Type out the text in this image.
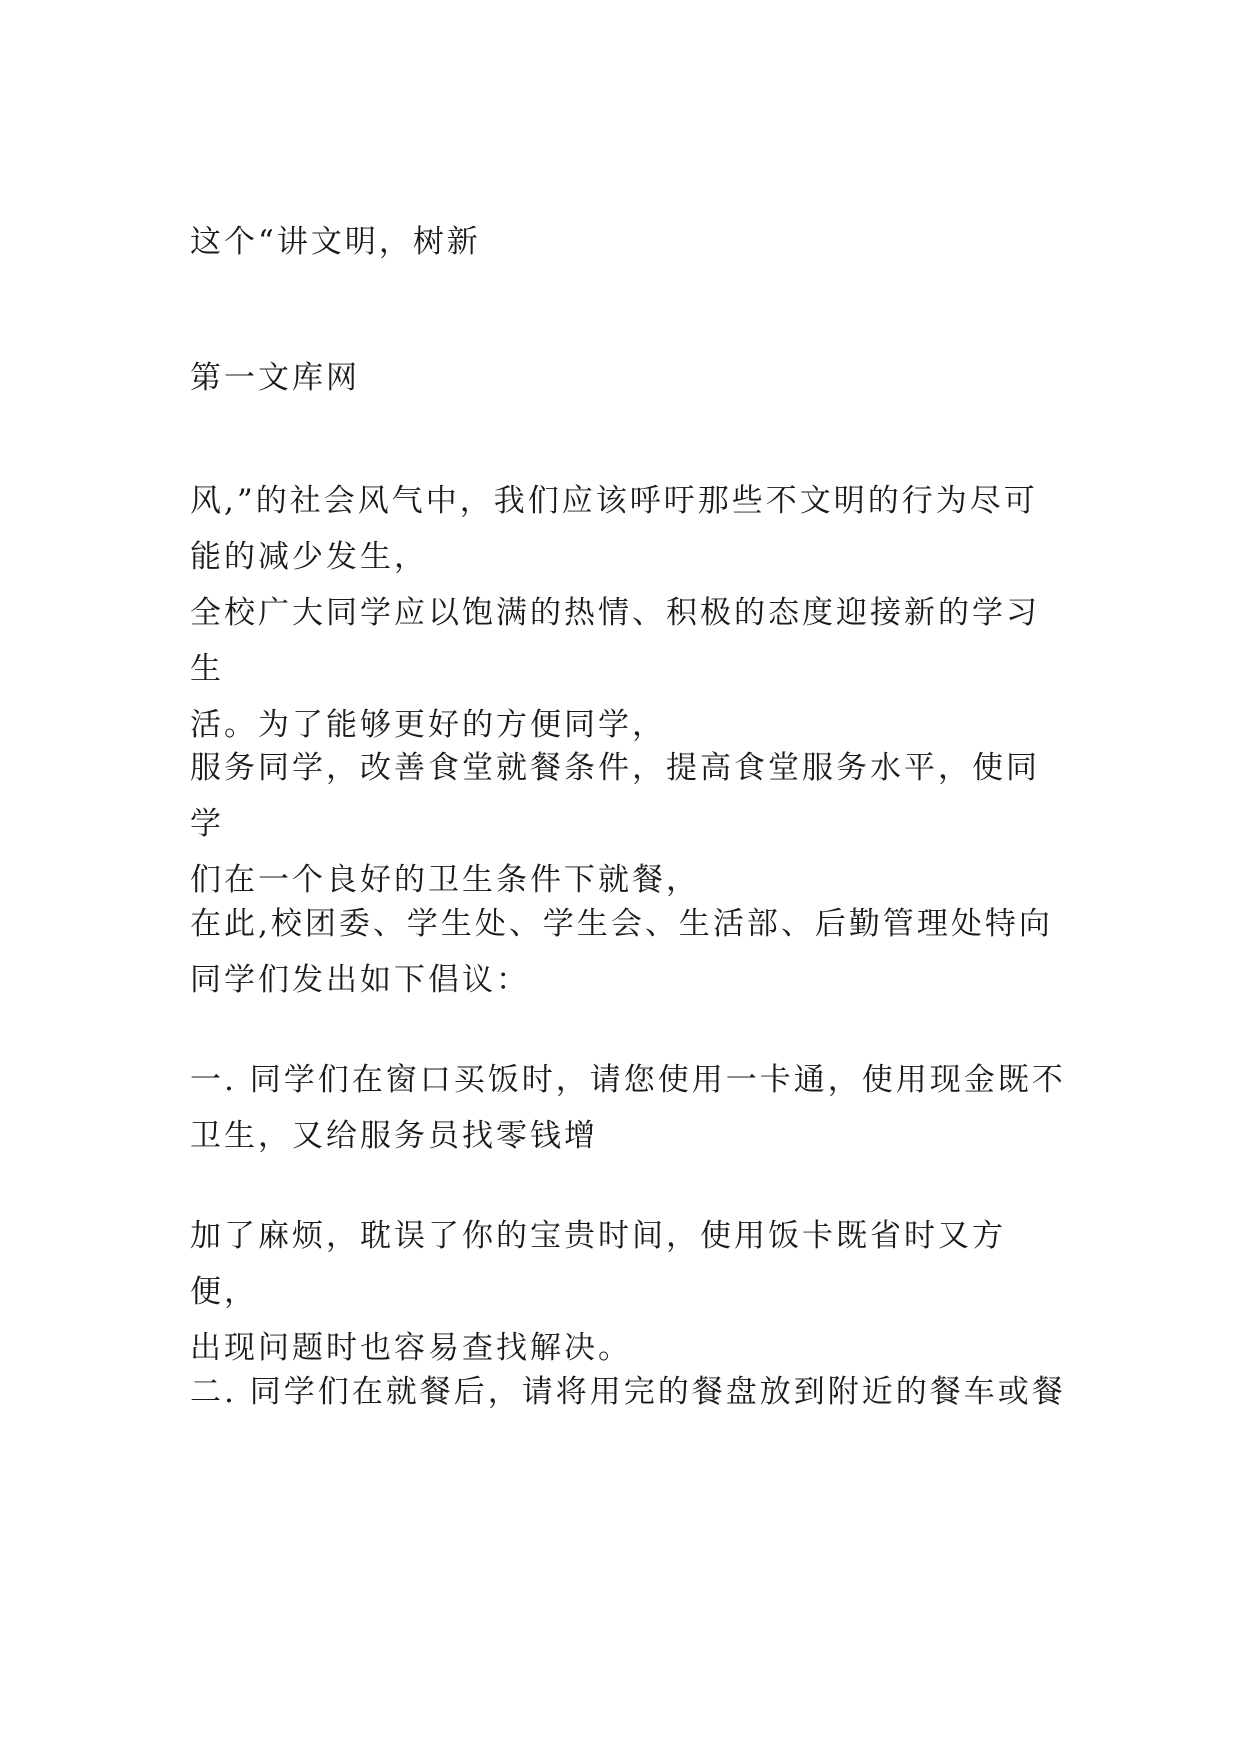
这个“讲文明，树新

第一文库网

风,”的社会风气中，我们应该呼吁那些不文明的行为尽可
能的减少发生，
全校广大同学应以饱满的热情、积极的态度迎接新的学习生
活。为了能够更好的方便同学，

服务同学，改善食堂就餐条件，提高食堂服务水平，使同学
们在一个良好的卫生条件下就餐，

在此,校团委、学生处、学生会、生活部、后勤管理处特向
同学们发出如下倡议：

一. 同学们在窗口买饭时，请您使用一卡通，使用现金既不
卫生，又给服务员找零钱增

加了麻烦，耽误了你的宝贵时间，使用饭卡既省时又方便，
出现问题时也容易查找解决。

二. 同学们在就餐后，请将用完的餐盘放到附近的餐车或餐
